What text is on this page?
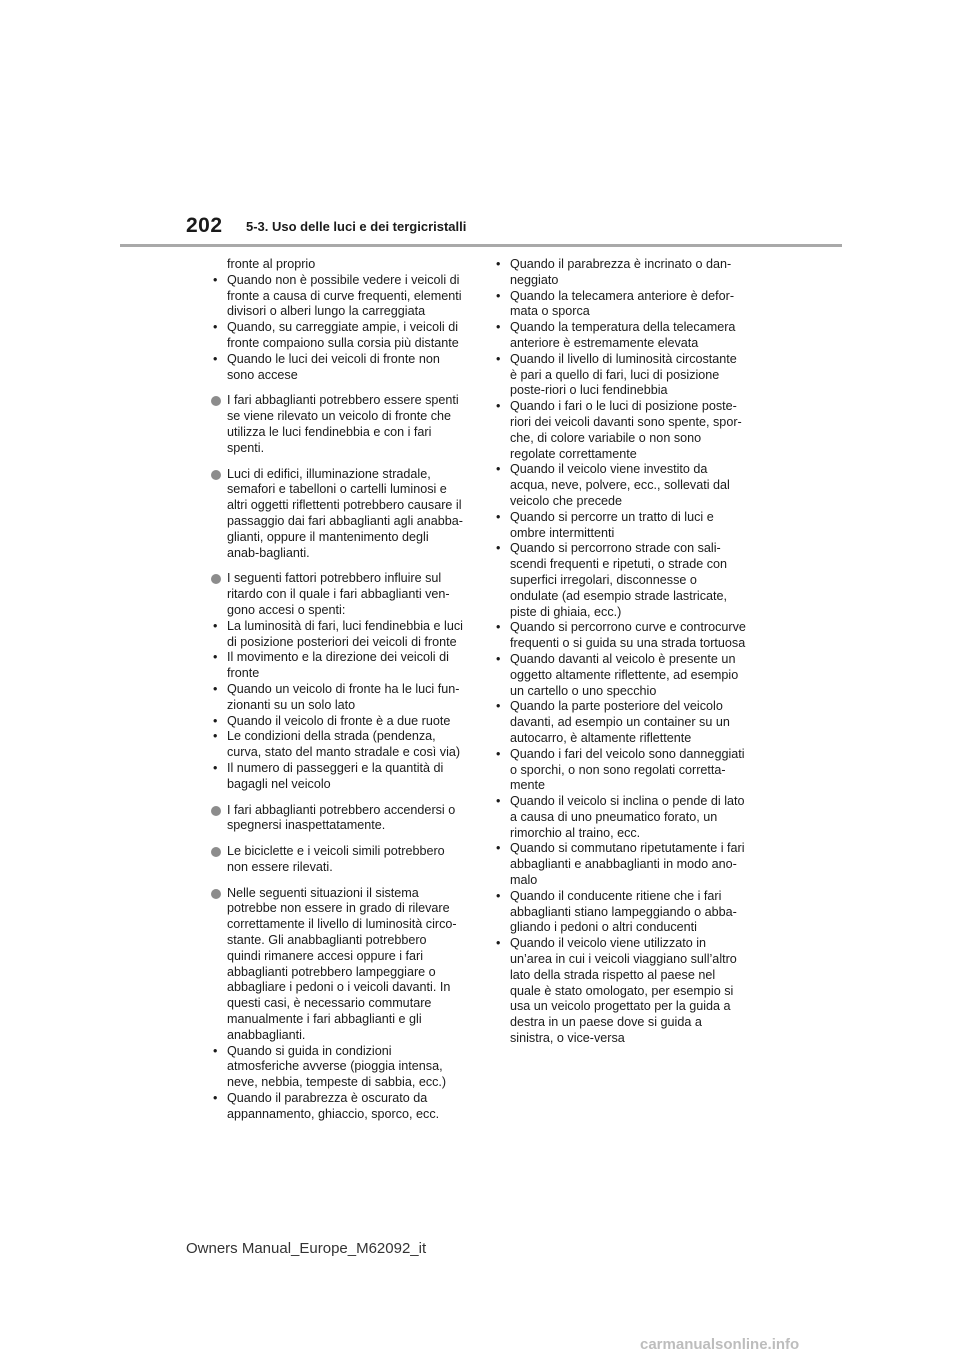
202 5-3. Uso delle luci e dei tergicristalli
fronte al proprio
• Quando non è possibile vedere i veicoli di fronte a causa di curve frequenti, elementi divisori o alberi lungo la carreggiata
• Quando, su carreggiate ampie, i veicoli di fronte compaiono sulla corsia più distante
• Quando le luci dei veicoli di fronte non sono accese
I fari abbaglianti potrebbero essere spenti se viene rilevato un veicolo di fronte che utilizza le luci fendinebbia e con i fari spenti.
Luci di edifici, illuminazione stradale, semafori e tabelloni o cartelli luminosi e altri oggetti riflettenti potrebbero causare il passaggio dai fari abbaglianti agli anabba-glianti, oppure il mantenimento degli anab-baglianti.
I seguenti fattori potrebbero influire sul ritardo con il quale i fari abbaglianti ven-gono accesi o spenti:
• La luminosità di fari, luci fendinebbia e luci di posizione posteriori dei veicoli di fronte
• Il movimento e la direzione dei veicoli di fronte
• Quando un veicolo di fronte ha le luci fun-zionanti su un solo lato
• Quando il veicolo di fronte è a due ruote
• Le condizioni della strada (pendenza, curva, stato del manto stradale e così via)
• Il numero di passeggeri e la quantità di bagagli nel veicolo
I fari abbaglianti potrebbero accendersi o spegnersi inaspettatamente.
Le biciclette e i veicoli simili potrebbero non essere rilevati.
Nelle seguenti situazioni il sistema potrebbe non essere in grado di rilevare correttamente il livello di luminosità circo-stante. Gli anabbaglianti potrebbero quindi rimanere accesi oppure i fari abbaglianti potrebbero lampeggiare o abbagliare i pedoni o i veicoli davanti. In questi casi, è necessario commutare manualmente i fari abbaglianti e gli anabbaglianti.
• Quando si guida in condizioni atmosferiche avverse (pioggia intensa, neve, nebbia, tempeste di sabbia, ecc.)
• Quando il parabrezza è oscurato da appannamento, ghiaccio, sporco, ecc.
• Quando il parabrezza è incrinato o dan-neggiato
• Quando la telecamera anteriore è defor-mata o sporca
• Quando la temperatura della telecamera anteriore è estremamente elevata
• Quando il livello di luminosità circostante è pari a quello di fari, luci di posizione poste-riori o luci fendinebbia
• Quando i fari o le luci di posizione poste-riori dei veicoli davanti sono spente, spor-che, di colore variabile o non sono regolate correttamente
• Quando il veicolo viene investito da acqua, neve, polvere, ecc., sollevati dal veicolo che precede
• Quando si percorre un tratto di luci e ombre intermittenti
• Quando si percorrono strade con sali-scendi frequenti e ripetuti, o strade con superfici irregolari, disconnesse o ondulate (ad esempio strade lastricate, piste di ghiaia, ecc.)
• Quando si percorrono curve e controcurve frequenti o si guida su una strada tortuosa
• Quando davanti al veicolo è presente un oggetto altamente riflettente, ad esempio un cartello o uno specchio
• Quando la parte posteriore del veicolo davanti, ad esempio un container su un autocarro, è altamente riflettente
• Quando i fari del veicolo sono danneggiati o sporchi, o non sono regolati corretta-mente
• Quando il veicolo si inclina o pende di lato a causa di uno pneumatico forato, un rimorchio al traino, ecc.
• Quando si commutano ripetutamente i fari abbaglianti e anabbaglianti in modo ano-malo
• Quando il conducente ritiene che i fari abbaglianti stiano lampeggiando o abba-gliando i pedoni o altri conducenti
• Quando il veicolo viene utilizzato in un’area in cui i veicoli viaggiano sull’altro lato della strada rispetto al paese nel quale è stato omologato, per esempio si usa un veicolo progettato per la guida a destra in un paese dove si guida a sinistra, o vice-versa
Owners Manual_Europe_M62092_it
carmanualsonline.info
